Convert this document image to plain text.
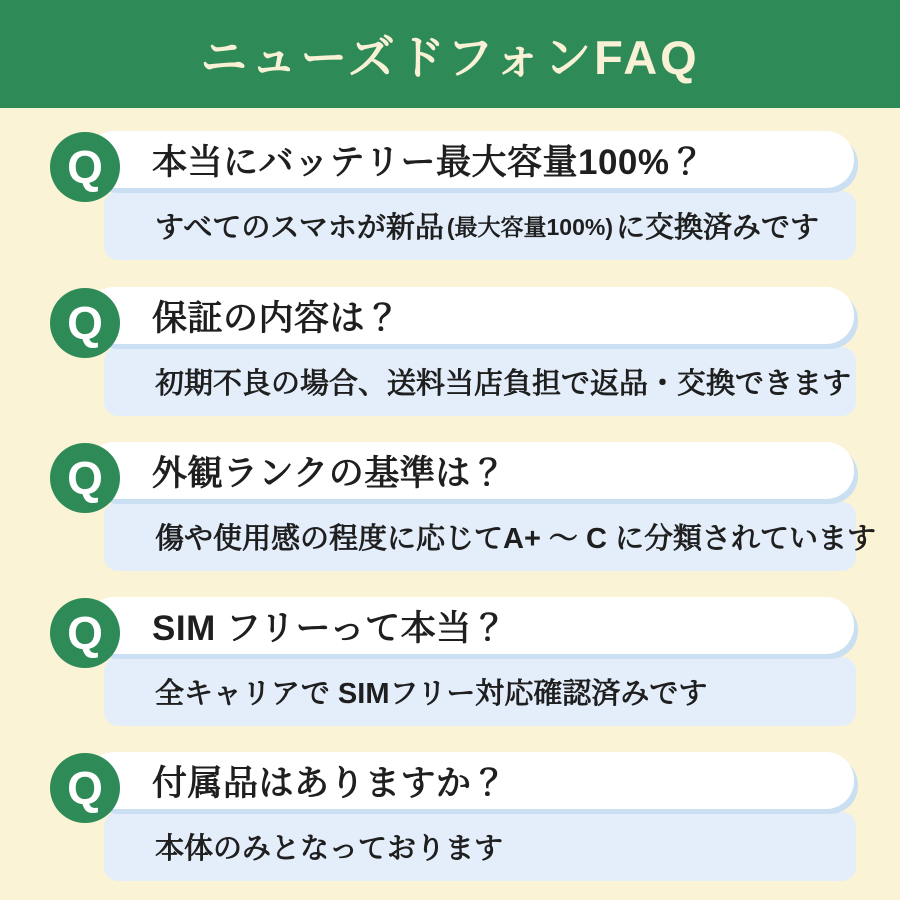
ニューズドフォンFAQ

すべてのスマホが新品 (最大容量100%) に交換済みです

本当にバッテリー最大容量100%？

Q

初期不良の場合、送料当店負担で返品・交換できます

保証の内容は？

Q

傷や使用感の程度に応じてA+ ～ C に分類されています

外観ランクの基準は？

Q

全キャリアで SIMフリー対応確認済みです

SIM フリーって本当？

Q

本体のみとなっております

付属品はありますか？

Q
